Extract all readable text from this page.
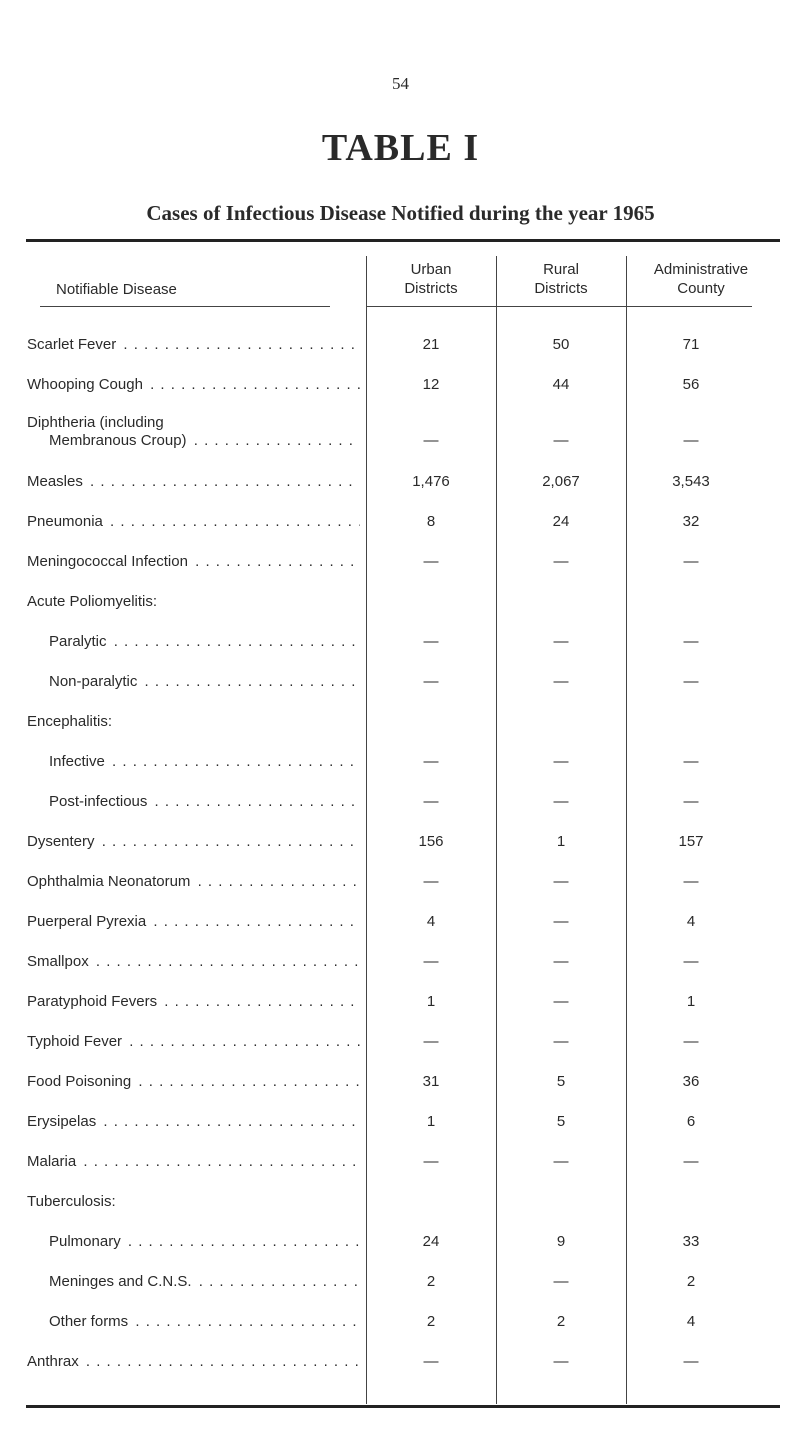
54
TABLE I
Cases of Infectious Disease Notified during the year 1965
Notifiable Disease
Urban
Districts
Rural
Districts
Administrative
County
Scarlet Fever . . .	21	50	71
Whooping Cough . . .	12	44	56
Diphtheria (including
Membranous Croup) . . .	—	—	—
Measles . . .	1,476	2,067	3,543
Pneumonia . . .	8	24	32
Meningococcal Infection . . .	—	—	—
Acute Poliomyelitis:
Paralytic . . .	—	—	—
Non-paralytic . . .	—	—	—
Encephalitis:
Infective . . .	—	—	—
Post-infectious . . .	—	—	—
Dysentery . . .	156	1	157
Ophthalmia Neonatorum . . .	—	—	—
Puerperal Pyrexia . . .	4	—	4
Smallpox . . .	—	—	—
Paratyphoid Fevers . . .	1	—	1
Typhoid Fever . . .	—	—	—
Food Poisoning . . .	31	5	36
Erysipelas . . .	1	5	6
Malaria . . .	—	—	—
Tuberculosis:
Pulmonary . . .	24	9	33
Meninges and C.N.S. . . .	2	—	2
Other forms . . .	2	2	4
Anthrax . . .	—	—	—
